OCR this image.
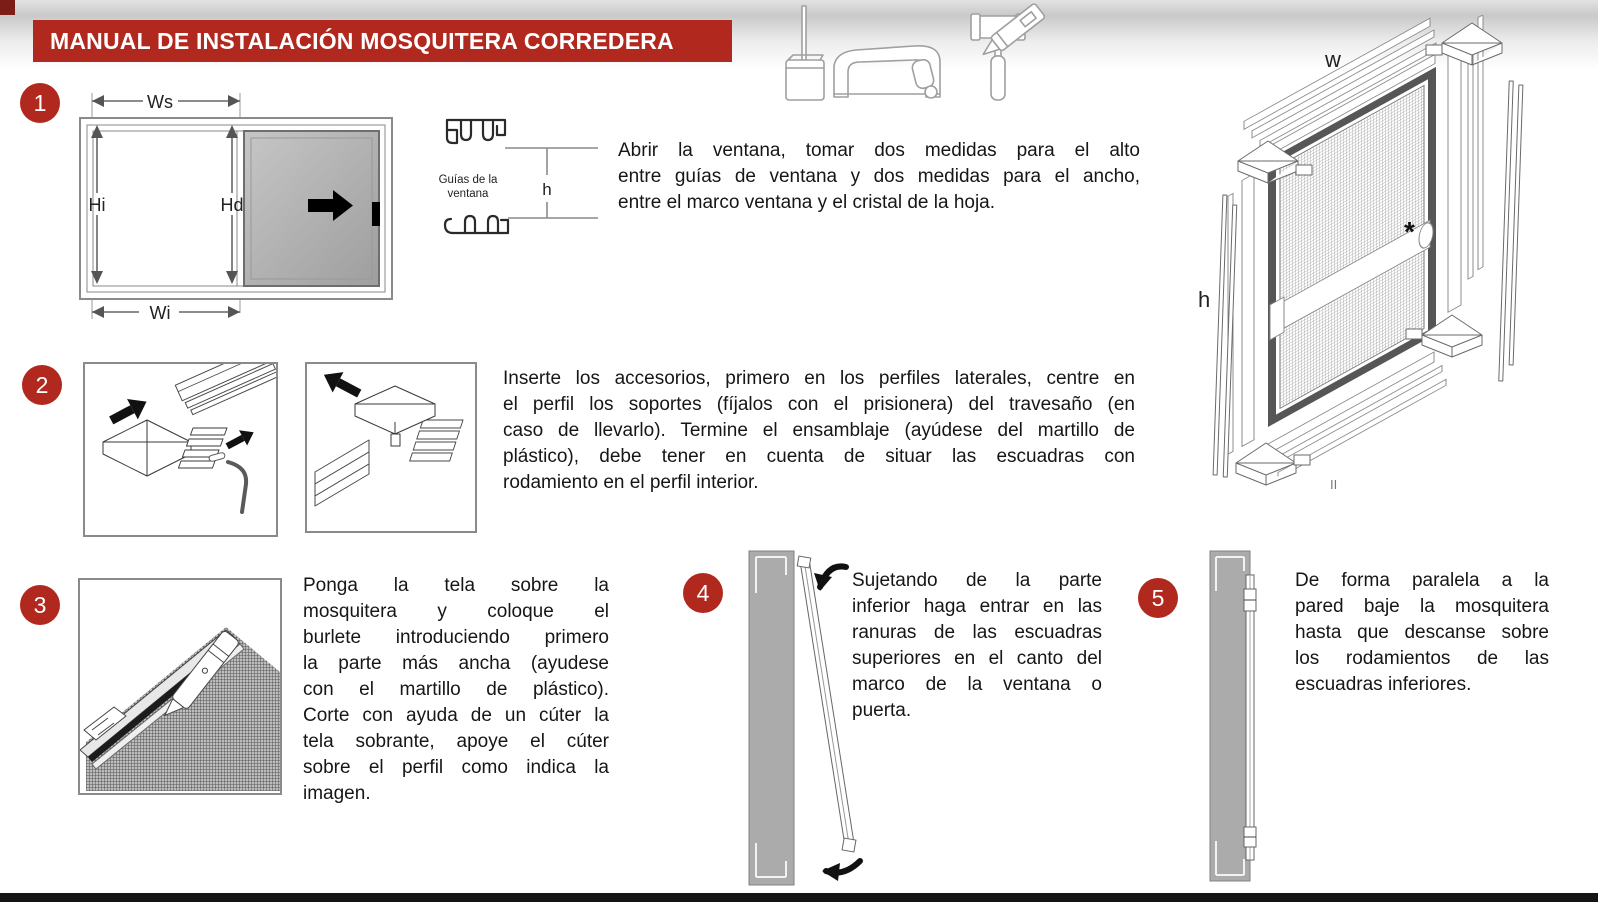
MANUAL DE INSTALACIÓN MOSQUITERA CORREDERA
w
h
*
II
1	Ws
Hi	Hd
Wi
Guías de la
ventana	h
Abrir la ventana, tomar dos medidas para el alto
entre guías de ventana y dos medidas para el ancho,
entre el marco ventana y el cristal de la hoja.
2	Inserte los accesorios, primero en los perfiles laterales, centre en
el perfil los soportes (fíjalos con el prisionera) del travesaño (en
caso de llevarlo). Termine el ensamblaje (ayúdese del martillo de
plástico), debe tener en cuenta de situar las escuadras con
rodamiento en el perfil interior.
3
Ponga la tela sobre la
mosquitera y coloque el
burlete introduciendo primero
la parte más ancha (ayudese
con el martillo de plástico).
Corte con ayuda de un cúter la
tela sobrante, apoye el cúter
sobre el perfil como indica la
imagen.
4	Sujetando de la parte
inferior haga entrar en las
ranuras de las escuadras
superiores en el canto del
marco de la ventana o
puerta.
5
De forma paralela a la
pared baje la mosquitera
hasta que descanse sobre
los rodamientos de las
escuadras inferiores.
